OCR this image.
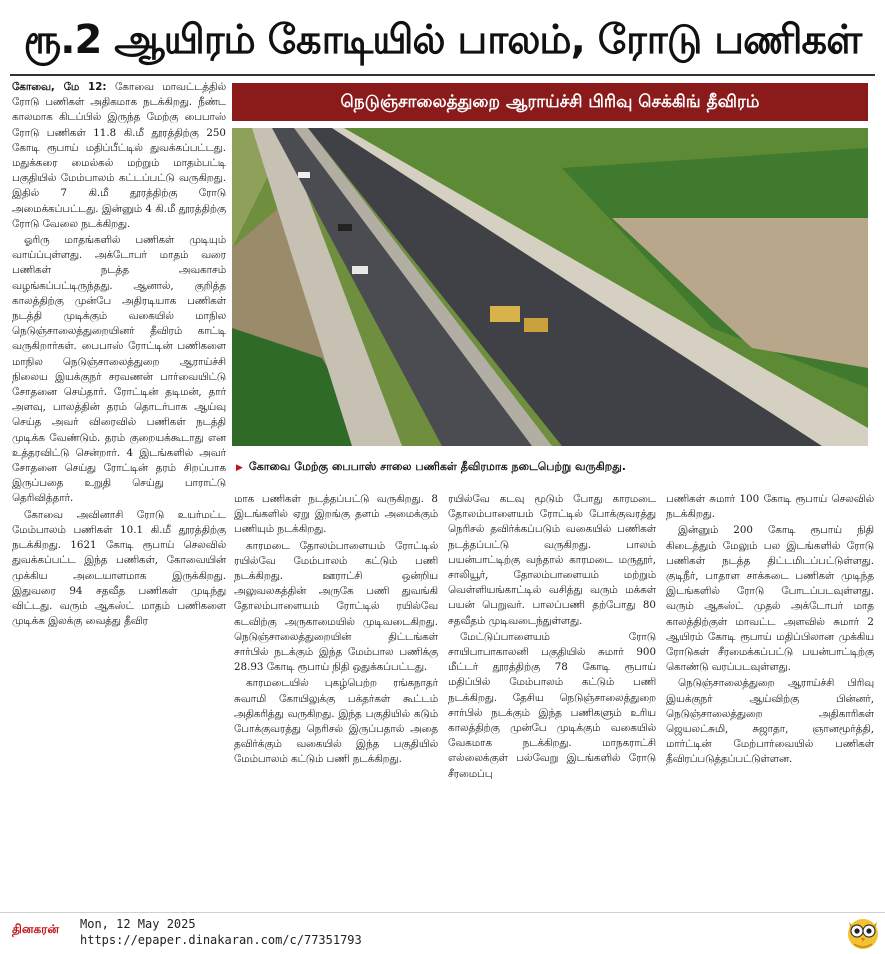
ரூ.2 ஆயிரம் கோடியில் பாலம், ரோடு பணிகள்

கோவை, மே 12: கோவை மாவட்டத்தில் ரோடு பணிகள் அதிகமாக நடக்கிறது. நீண்ட காலமாக கிடப்பில் இருந்த மேற்கு பைபாஸ் ரோடு பணிகள் 11.8 கி.மீ தூரத்திற்கு 250 கோடி ரூபாய் மதிப்பீட்டில் துவக்கப்பட்டது. மதுக்கரை மைல்கல் மற்றும் மாதம்பட்டி பகுதியில் மேம்பாலம் கட்டப்பட்டு வருகிறது. இதில் 7 கி.மீ தூரத்திற்கு ரோடு அமைக்கப்பட்டது. இன்னும் 4 கி.மீ தூரத்திற்கு ரோடு வேலை நடக்கிறது.

ஓரிரு மாதங்களில் பணிகள் முடியும் வாய்ப்புள்ளது. அக்டோபர் மாதம் வரை பணிகள் நடத்த அவகாசம் வழங்கப்பட்டிருந்தது. ஆனால், குறித்த காலத்திற்கு முன்பே அதிரடியாக பணிகள் நடத்தி முடிக்கும் வகையில் மாநில நெடுஞ்சாலைத்துறையினர் தீவிரம் காட்டி வருகிறார்கள். பைபாஸ் ரோட்டின் பணிகளை மாநில நெடுஞ்சாலைத்துறை ஆராய்ச்சி நிலைய இயக்குநர் சரவணன் பார்வையிட்டு சோதனை செய்தார். ரோட்டின் தடிமன், தார் அளவு, பாலத்தின் தரம் தொடர்பாக ஆய்வு செய்த அவர் விரைவில் பணிகள் நடத்தி முடிக்க வேண்டும். தரம் குறையக்கூடாது என உத்தரவிட்டு சென்றார். 4 இடங்களில் அவர் சோதனை செய்து ரோட்டின் தரம் சிறப்பாக இருப்பதை உறுதி செய்து பாராட்டு தெரிவித்தார்.

கோவை அவினாசி ரோடு உயர்மட்ட மேம்பாலம் பணிகள் 10.1 கி.மீ தூரத்திற்கு நடக்கிறது. 1621 கோடி ரூபாய் செலவில் துவக்கப்பட்ட இந்த பணிகள், கோவையின் முக்கிய அடையாளமாக இருக்கிறது. இதுவரை 94 சதவீத பணிகள் முடிந்து விட்டது. வரும் ஆகஸ்ட் மாதம் பணிகளை முடிக்க இலக்கு வைத்து தீவிர

நெடுஞ்சாலைத்துறை ஆராய்ச்சி பிரிவு செக்கிங் தீவிரம்
▶ கோவை மேற்கு பைபாஸ் சாலை பணிகள் தீவிரமாக நடைபெற்று வருகிறது.

மாக பணிகள் நடத்தப்பட்டு வருகிறது. 8 இடங்களில் ஏறு இறங்கு தளம் அமைக்கும் பணியும் நடக்கிறது.

காரமடை தோலம்பாளையம் ரோட்டில் ரயில்வே மேம்பாலம் கட்டும் பணி நடக்கிறது. ஊராட்சி ஒன்றிய அலுவலகத்தின் அருகே பணி துவங்கி தோலம்பாளையம் ரோட்டில் ரயில்வே கடவிற்கு அருகாமையில் முடிவடைகிறது. நெடுஞ்சாலைத்துறையின் திட்டங்கள் சார்பில் நடக்கும் இந்த மேம்பால பணிக்கு 28.93 கோடி ரூபாய் நிதி ஒதுக்கப்பட்டது.

காரமடையில் புகழ்பெற்ற ரங்கநாதர் சுவாமி கோயிலுக்கு பக்தர்கள் கூட்டம் அதிகரித்து வருகிறது. இந்த பகுதியில் கடும் போக்குவரத்து நெரிசல் இருப்பதால் அதை தவிர்க்கும் வகையில் இந்த பகுதியில் மேம்பாலம் கட்டும் பணி நடக்கிறது.

ரயில்வே கடவு மூடும் போது காரமடை தோலம்பாளையம் ரோட்டில் போக்குவரத்து நெரிசல் தவிர்க்கப்படும் வகையில் பணிகள் நடத்தப்பட்டு வருகிறது. பாலம் பயன்பாட்டிற்கு வந்தால் காரமடை மருதூர், சாலியூர், தோலம்பாளையம் மற்றும் வெள்ளியங்காட்டில் வசித்து வரும் மக்கள் பயன் பெறுவர். பாலப்பணி தற்போது 80 சதவீதம் முடிவடைந்துள்ளது.

மேட்டுப்பாளையம் ரோடு சாயிபாபாகாலனி பகுதியில் சுமார் 900 மீட்டர் தூரத்திற்கு 78 கோடி ரூபாய் மதிப்பில் மேம்பாலம் கட்டும் பணி நடக்கிறது. தேசிய நெடுஞ்சாலைத்துறை சார்பில் நடக்கும் இந்த பணிகளும் உரிய காலத்திற்கு முன்பே முடிக்கும் வகையில் வேகமாக நடக்கிறது. மாநகராட்சி எல்லைக்குள் பல்வேறு இடங்களில் ரோடு சீரமைப்பு

பணிகள் சுமார் 100 கோடி ரூபாய் செலவில் நடக்கிறது.

இன்னும் 200 கோடி ரூபாய் நிதி கிடைத்தும் மேலும் பல இடங்களில் ரோடு பணிகள் நடத்த திட்டமிடப்பட்டுள்ளது. குடிநீர், பாதாள சாக்கடை பணிகள் முடிந்த இடங்களில் ரோடு போடப்படவுள்ளது. வரும் ஆகஸ்ட் முதல் அக்டோபர் மாத காலத்திற்குள் மாவட்ட அளவில் சுமார் 2 ஆயிரம் கோடி ரூபாய் மதிப்பிலான முக்கிய ரோடுகள் சீரமைக்கப்பட்டு பயன்பாட்டிற்கு கொண்டு வரப்படவுள்ளது.

நெடுஞ்சாலைத்துறை ஆராய்ச்சி பிரிவு இயக்குநர் ஆய்விற்கு பின்னர், நெடுஞ்சாலைத்துறை அதிகாரிகள் ஜெயலட்சுமி, சுஜாதா, ஞானமூர்த்தி, மார்ட்டின் மேற்பார்வையில் பணிகள் தீவிரப்படுத்தப்பட்டுள்ளன.

தினகரன் Mon, 12 May 2025
https://epaper.dinakaran.com/c/77351793
